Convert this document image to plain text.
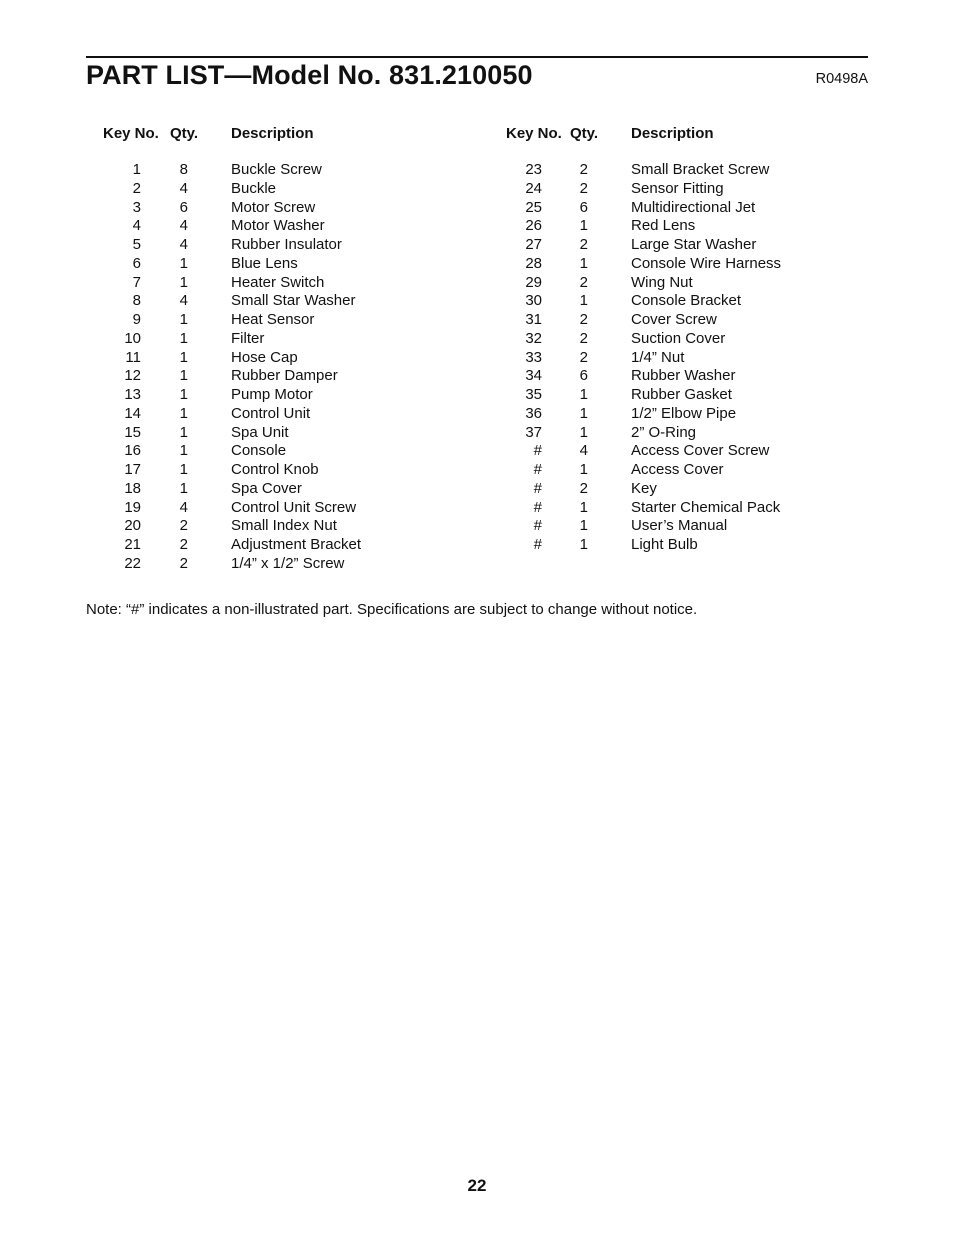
PART LIST—Model No. 831.210050	R0498A
Key No. Qty. Description
1	8	Buckle Screw
2	4	Buckle
3	6	Motor Screw
4	4	Motor Washer
5	4	Rubber Insulator
6	1	Blue Lens
7	1	Heater Switch
8	4	Small Star Washer
9	1	Heat Sensor
10	1	Filter
11	1	Hose Cap
12	1	Rubber Damper
13	1	Pump Motor
14	1	Control Unit
15	1	Spa Unit
16	1	Console
17	1	Control Knob
18	1	Spa Cover
19	4	Control Unit Screw
20	2	Small Index Nut
21	2	Adjustment Bracket
22	2	1/4” x 1/2” Screw
Key No. Qty. Description
23	2	Small Bracket Screw
24	2	Sensor Fitting
25	6	Multidirectional Jet
26	1	Red Lens
27	2	Large Star Washer
28	1	Console Wire Harness
29	2	Wing Nut
30	1	Console Bracket
31	2	Cover Screw
32	2	Suction Cover
33	2	1/4” Nut
34	6	Rubber Washer
35	1	Rubber Gasket
36	1	1/2” Elbow Pipe
37	1	2” O-Ring
#	4	Access Cover Screw
#	1	Access Cover
#	2	Key
#	1	Starter Chemical Pack
#	1	User’s Manual
#	1	Light Bulb
Note: “#” indicates a non-illustrated part. Specifications are subject to change without notice.
22
